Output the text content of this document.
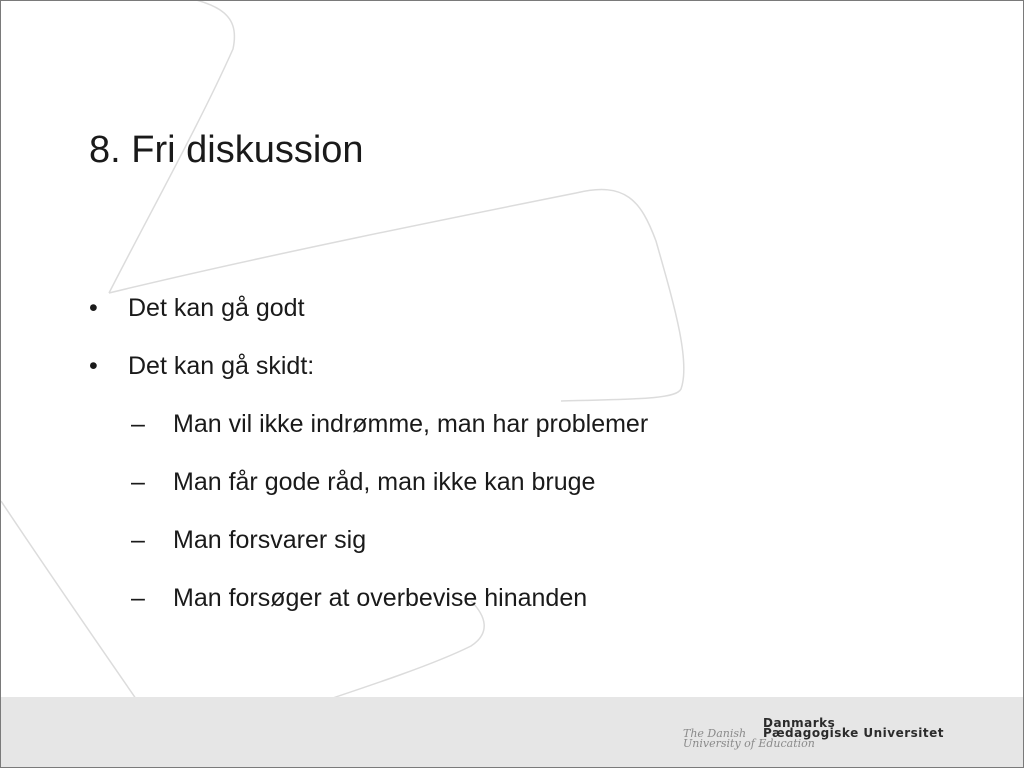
8. Fri diskussion
• Det kan gå godt
• Det kan gå skidt:
– Man vil ikke indrømme, man har problemer
– Man får gode råd, man ikke kan bruge
– Man forsvarer sig
– Man forsøger at overbevise hinanden
Danmarks
Pædagogiske Universitet
The Danish
University of Education
